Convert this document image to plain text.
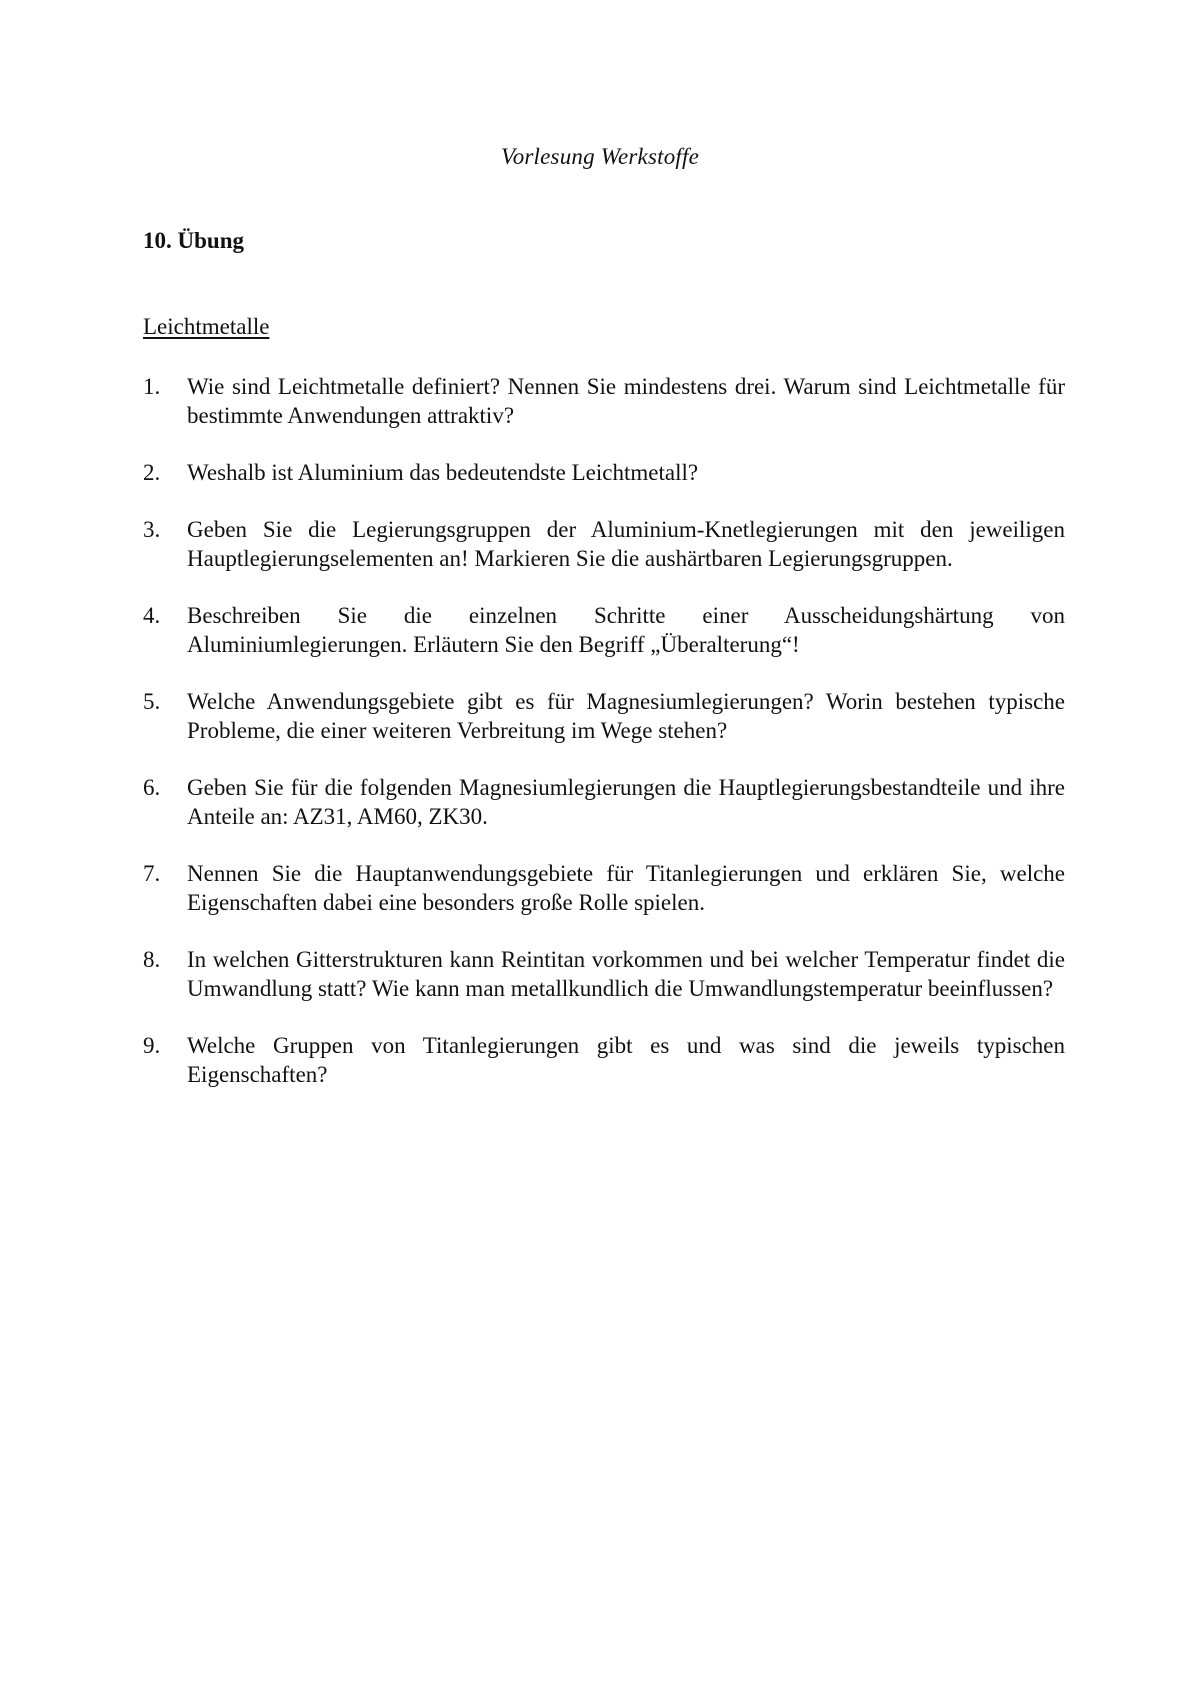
Vorlesung Werkstoffe
10. Übung
Leichtmetalle
1.	Wie sind Leichtmetalle definiert? Nennen Sie mindestens drei. Warum sind Leichtmetalle für bestimmte Anwendungen attraktiv?
2.	Weshalb ist Aluminium das bedeutendste Leichtmetall?
3.	Geben Sie die Legierungsgruppen der Aluminium-Knetlegierungen mit den jeweiligen Hauptlegierungselementen an! Markieren Sie die aushärtbaren Legierungsgruppen.
4.	Beschreiben Sie die einzelnen Schritte einer Ausscheidungshärtung von Aluminiumlegierungen. Erläutern Sie den Begriff „Überalterung“!
5.	Welche Anwendungsgebiete gibt es für Magnesiumlegierungen? Worin bestehen typische Probleme, die einer weiteren Verbreitung im Wege stehen?
6.	Geben Sie für die folgenden Magnesiumlegierungen die Hauptlegierungsbestandteile und ihre Anteile an: AZ31, AM60, ZK30.
7.	Nennen Sie die Hauptanwendungsgebiete für Titanlegierungen und erklären Sie, welche Eigenschaften dabei eine besonders große Rolle spielen.
8.	In welchen Gitterstrukturen kann Reintitan vorkommen und bei welcher Temperatur findet die Umwandlung statt? Wie kann man metallkundlich die Umwandlungstemperatur beeinflussen?
9.	Welche Gruppen von Titanlegierungen gibt es und was sind die jeweils typischen Eigenschaften?
